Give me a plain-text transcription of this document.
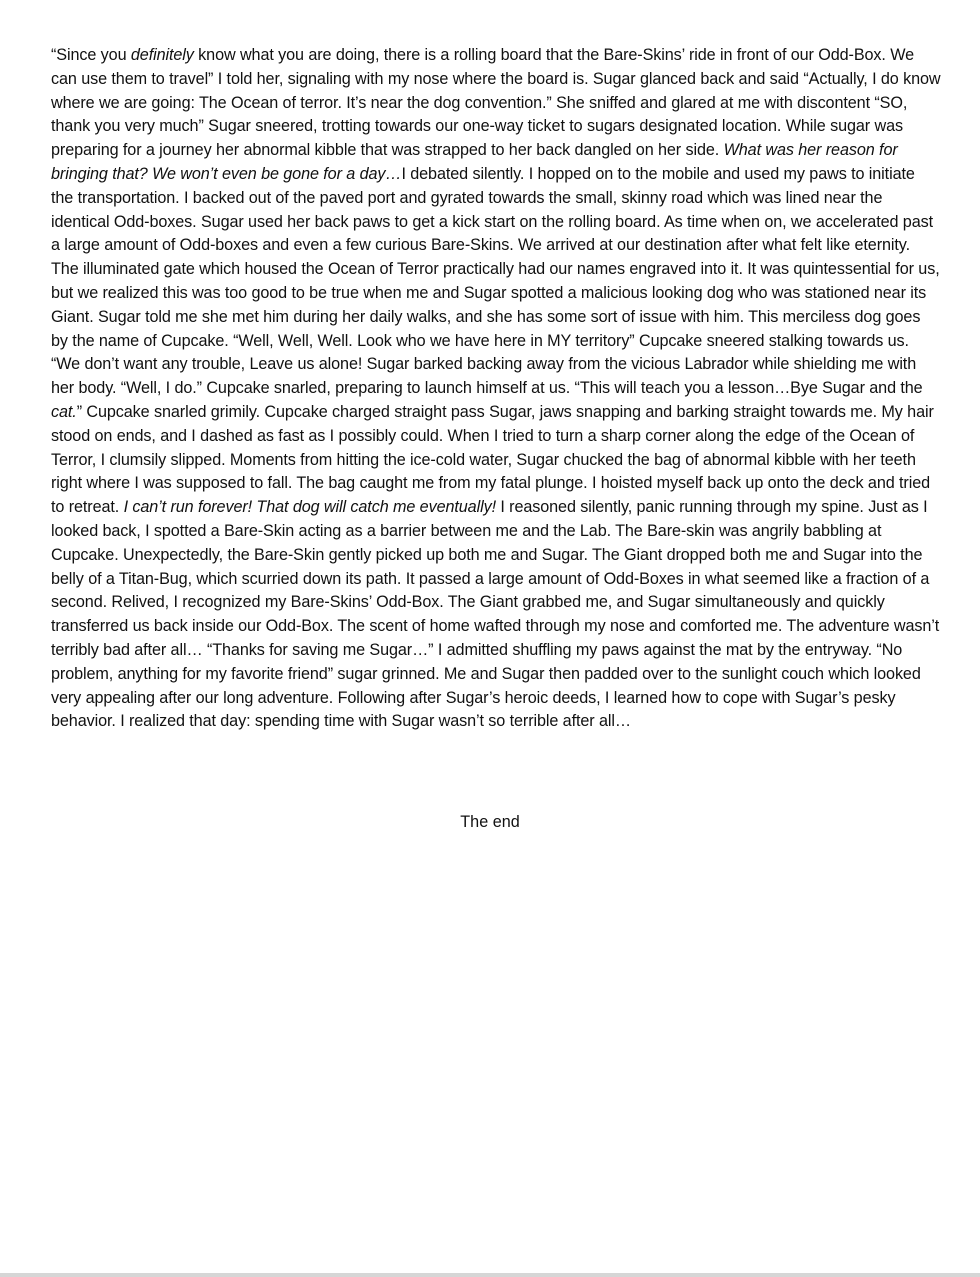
“Since you definitely know what you are doing, there is a rolling board that the Bare-Skins’ ride in front of our Odd-Box. We can use them to travel” I told her, signaling with my nose where the board is. Sugar glanced back and said “Actually, I do know where we are going: The Ocean of terror. It’s near the dog convention.” She sniffed and glared at me with discontent “SO, thank you very much” Sugar sneered, trotting towards our one-way ticket to sugars designated location. While sugar was preparing for a journey her abnormal kibble that was strapped to her back dangled on her side. What was her reason for bringing that? We won’t even be gone for a day…I debated silently. I hopped on to the mobile and used my paws to initiate the transportation. I backed out of the paved port and gyrated towards the small, skinny road which was lined near the identical Odd-boxes. Sugar used her back paws to get a kick start on the rolling board. As time when on, we accelerated past a large amount of Odd-boxes and even a few curious Bare-Skins. We arrived at our destination after what felt like eternity. The illuminated gate which housed the Ocean of Terror practically had our names engraved into it. It was quintessential for us, but we realized this was too good to be true when me and Sugar spotted a malicious looking dog who was stationed near its Giant. Sugar told me she met him during her daily walks, and she has some sort of issue with him. This merciless dog goes by the name of Cupcake. “Well, Well, Well. Look who we have here in MY territory” Cupcake sneered stalking towards us. “We don’t want any trouble, Leave us alone! Sugar barked backing away from the vicious Labrador while shielding me with her body. “Well, I do.” Cupcake snarled, preparing to launch himself at us. “This will teach you a lesson…Bye Sugar and the cat.” Cupcake snarled grimily. Cupcake charged straight pass Sugar, jaws snapping and barking straight towards me. My hair stood on ends, and I dashed as fast as I possibly could. When I tried to turn a sharp corner along the edge of the Ocean of Terror, I clumsily slipped. Moments from hitting the ice-cold water, Sugar chucked the bag of abnormal kibble with her teeth right where I was supposed to fall. The bag caught me from my fatal plunge. I hoisted myself back up onto the deck and tried to retreat. I can’t run forever! That dog will catch me eventually! I reasoned silently, panic running through my spine. Just as I looked back, I spotted a Bare-Skin acting as a barrier between me and the Lab. The Bare-skin was angrily babbling at Cupcake. Unexpectedly, the Bare-Skin gently picked up both me and Sugar. The Giant dropped both me and Sugar into the belly of a Titan-Bug, which scurried down its path. It passed a large amount of Odd-Boxes in what seemed like a fraction of a second. Relived, I recognized my Bare-Skins’ Odd-Box. The Giant grabbed me, and Sugar simultaneously and quickly transferred us back inside our Odd-Box. The scent of home wafted through my nose and comforted me. The adventure wasn’t terribly bad after all… “Thanks for saving me Sugar…” I admitted shuffling my paws against the mat by the entryway. “No problem, anything for my favorite friend” sugar grinned. Me and Sugar then padded over to the sunlight couch which looked very appealing after our long adventure. Following after Sugar’s heroic deeds, I learned how to cope with Sugar’s pesky behavior. I realized that day: spending time with Sugar wasn’t so terrible after all…

The end
